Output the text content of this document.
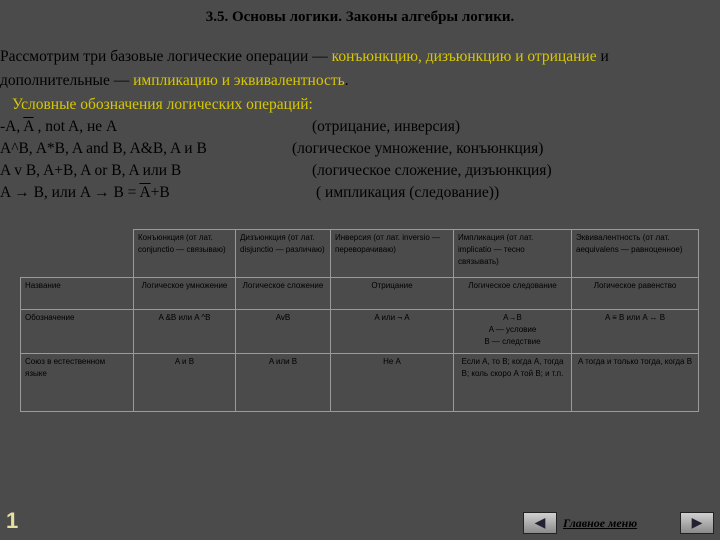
3.5. Основы логики. Законы алгебры логики.
Рассмотрим три базовые логические операции — конъюнкцию, дизъюнкцию и отрицание и
дополнительные — импликацию и эквивалентность.
Условные обозначения логических операций:
-A, $\overline{A}$ , not A, не A	(отрицание, инверсия)
A^B, A*B, A and B, A&B, A и B	(логическое умножение, конъюнкция)
A v B, A+B, A or B, A или B	(логическое сложение, дизъюнкция)
A → B, или $A \to B = \overline{A}+B$	( импликация (следование))
	Конъюнкция (от лат. conjunctio — связываю)	Дизъюнкция (от лат. disjunctio — различаю)	Инверсия (от лат. inversio — переворачиваю)	Импликация (от лат. implicatio — тесно связывать)	Эквивалентность (от лат. aequivalens — равноценное)
Название	Логическое умножение	Логическое сложение	Отрицание	Логическое следование	Логическое равенство
Обозначение	A &B или A ^B	AvB	A или ¬ A	A→B
A — условие
B — следствие	A ≡ B или A ↔ B
Союз в естественном языке	A и B	A или B	Не A	Если A, то B; когда A, тогда B; коль скоро A той B; и т.п.	A тогда и только тогда, когда B
1	◀ Главное меню	▶
